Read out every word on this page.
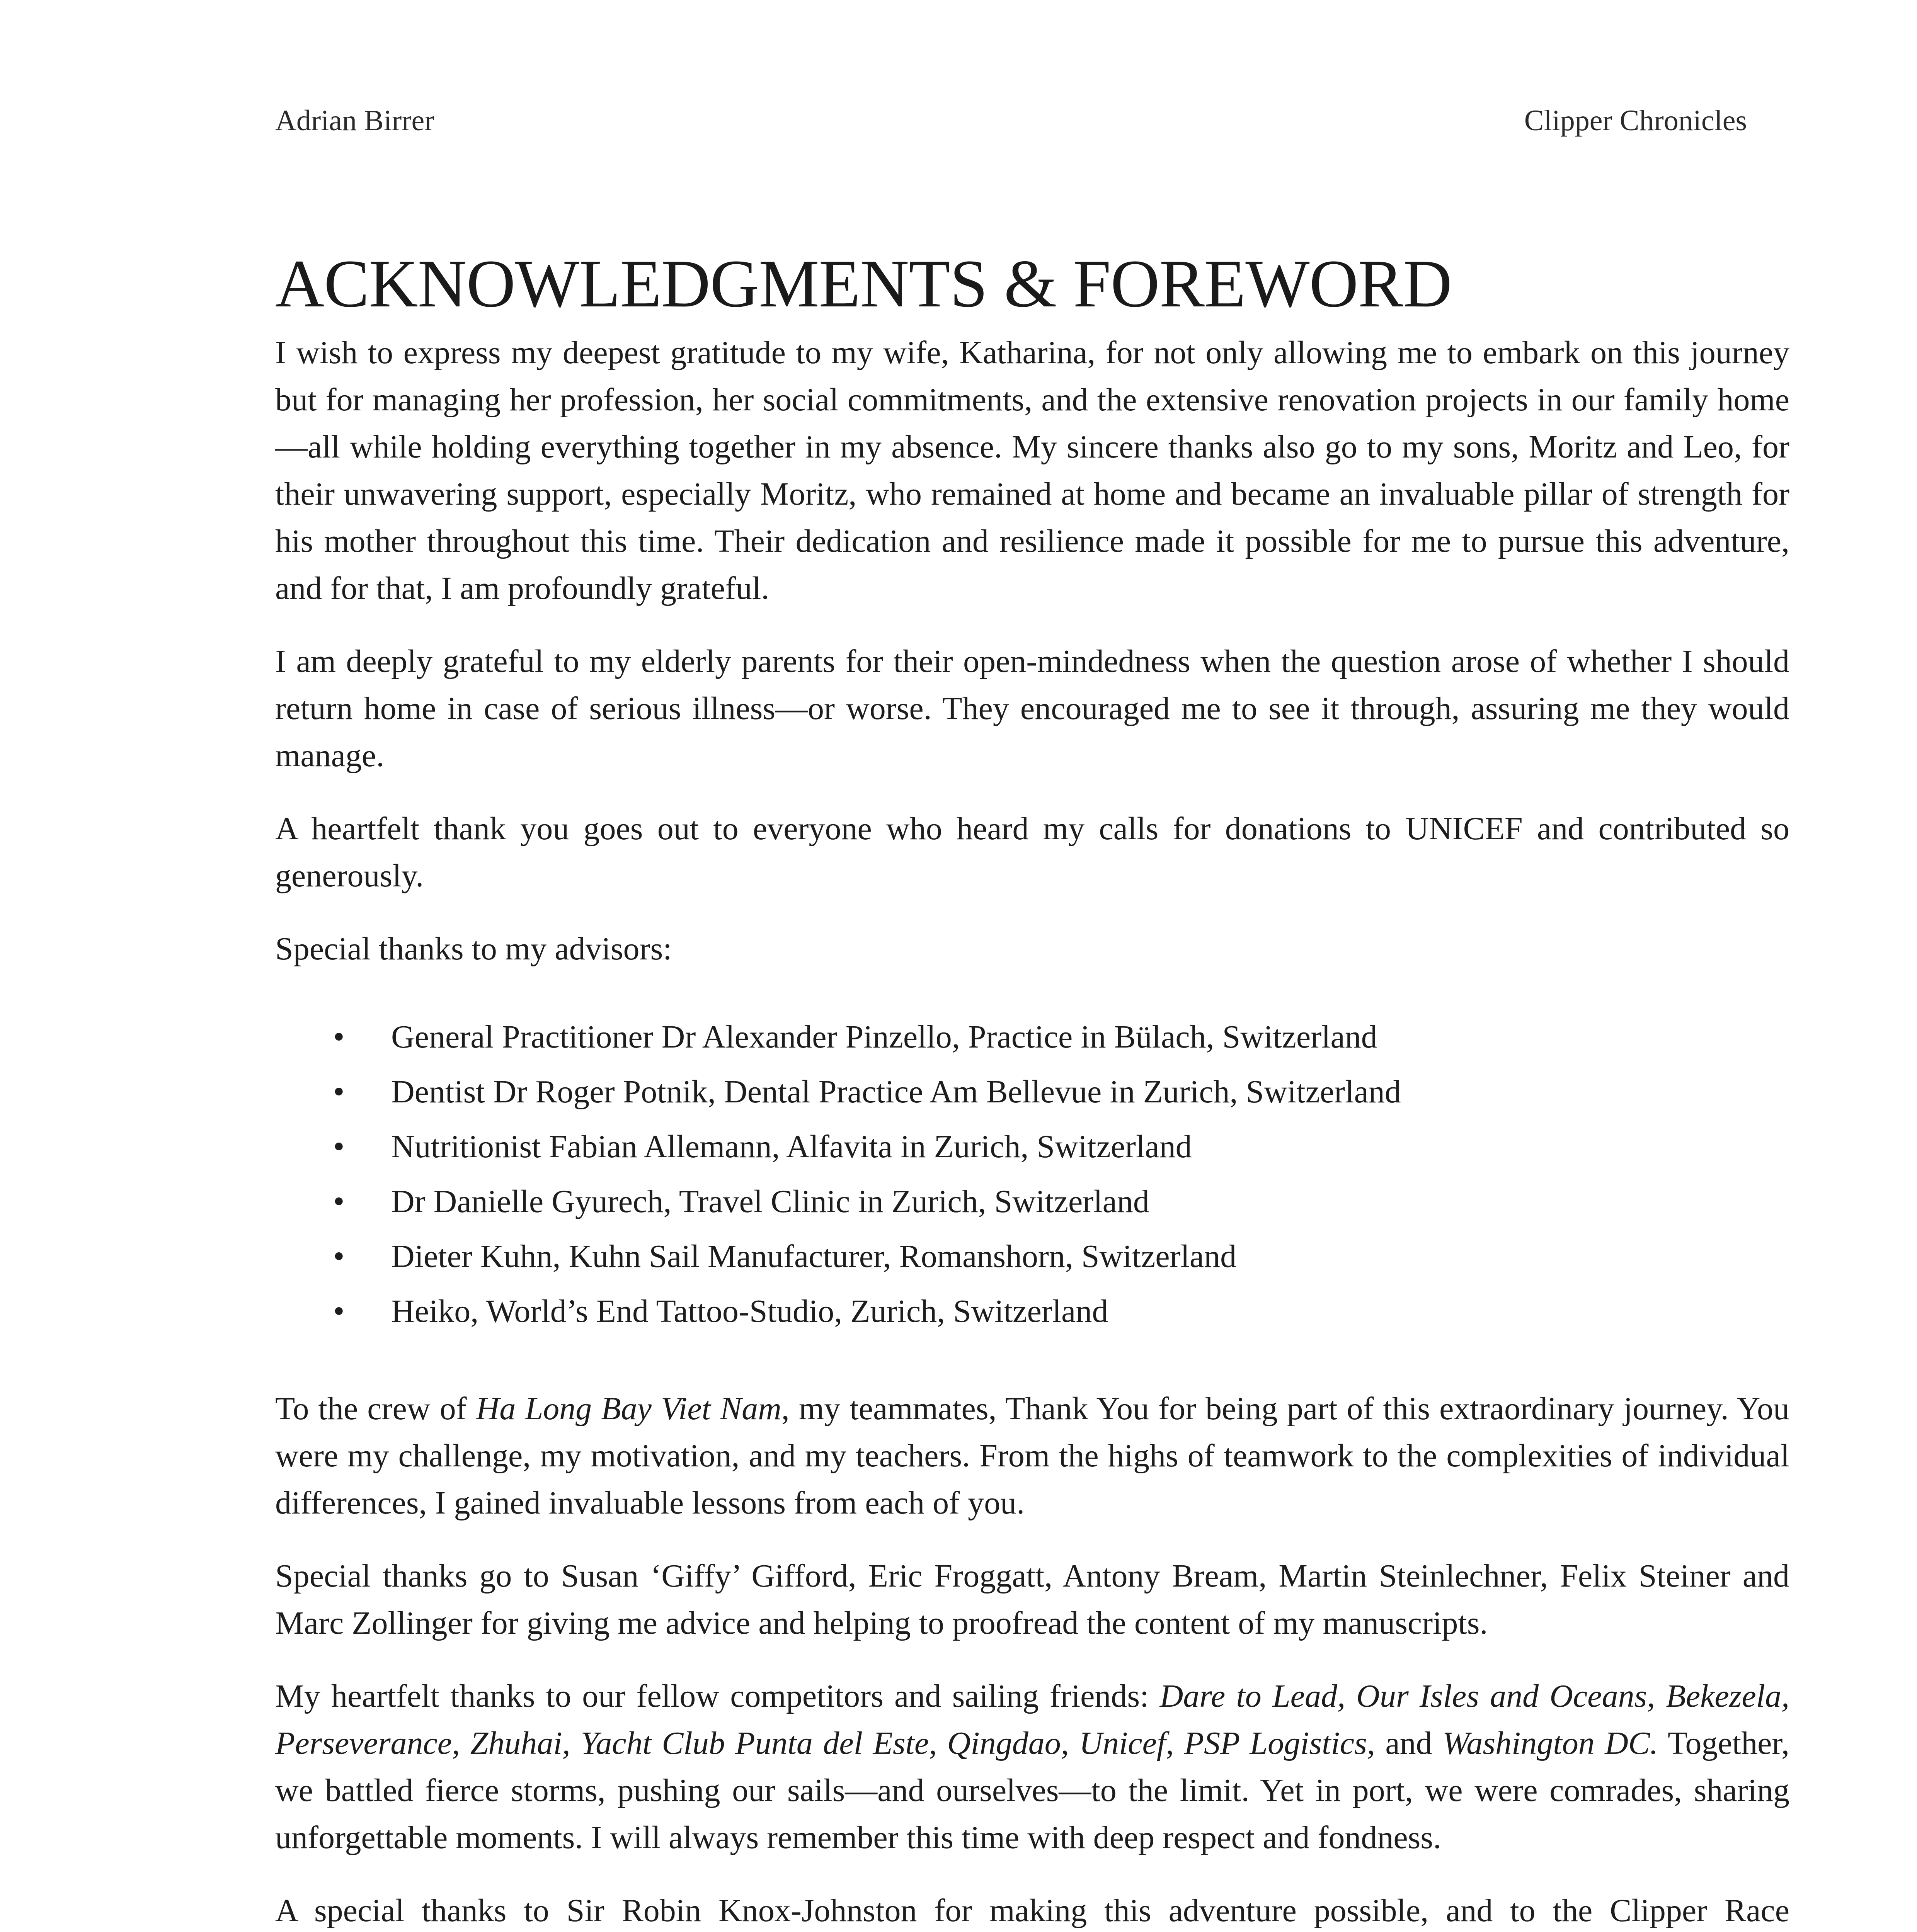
Adrian Birrer	Clipper Chronicles
ACKNOWLEDGMENTS & FOREWORD

I wish to express my deepest gratitude to my wife, Katharina, for not only allowing me to embark on this journey but for managing her profession, her social commitments, and the extensive renovation projects in our family home—all while holding everything together in my absence. My sincere thanks also go to my sons, Moritz and Leo, for their unwavering support, especially Moritz, who remained at home and became an invaluable pillar of strength for his mother throughout this time. Their dedication and resilience made it possible for me to pursue this adventure, and for that, I am profoundly grateful.

I am deeply grateful to my elderly parents for their open-mindedness when the question arose of whether I should return home in case of serious illness—or worse. They encouraged me to see it through, assuring me they would manage.

A heartfelt thank you goes out to everyone who heard my calls for donations to UNICEF and contributed so generously.

Special thanks to my advisors:

• General Practitioner Dr Alexander Pinzello, Practice in Bülach, Switzerland
• Dentist Dr Roger Potnik, Dental Practice Am Bellevue in Zurich, Switzerland
• Nutritionist Fabian Allemann, Alfavita in Zurich, Switzerland
• Dr Danielle Gyurech, Travel Clinic in Zurich, Switzerland
• Dieter Kuhn, Kuhn Sail Manufacturer, Romanshorn, Switzerland
• Heiko, World’s End Tattoo-Studio, Zurich, Switzerland

To the crew of Ha Long Bay Viet Nam, my teammates, Thank You for being part of this extraordinary journey. You were my challenge, my motivation, and my teachers. From the highs of teamwork to the complexities of individual differences, I gained invaluable lessons from each of you.

Special thanks go to Susan ‘Giffy’ Gifford, Eric Froggatt, Antony Bream, Martin Steinlechner, Felix Steiner and Marc Zollinger for giving me advice and helping to proofread the content of my manuscripts.

My heartfelt thanks to our fellow competitors and sailing friends: Dare to Lead, Our Isles and Oceans, Bekezela, Perseverance, Zhuhai, Yacht Club Punta del Este, Qingdao, Unicef, PSP Logistics, and Washington DC. Together, we battled fierce storms, pushing our sails—and ourselves—to the limit. Yet in port, we were comrades, sharing unforgettable moments. I will always remember this time with deep respect and fondness.

A special thanks to Sir Robin Knox-Johnston for making this adventure possible, and to the Clipper Race
